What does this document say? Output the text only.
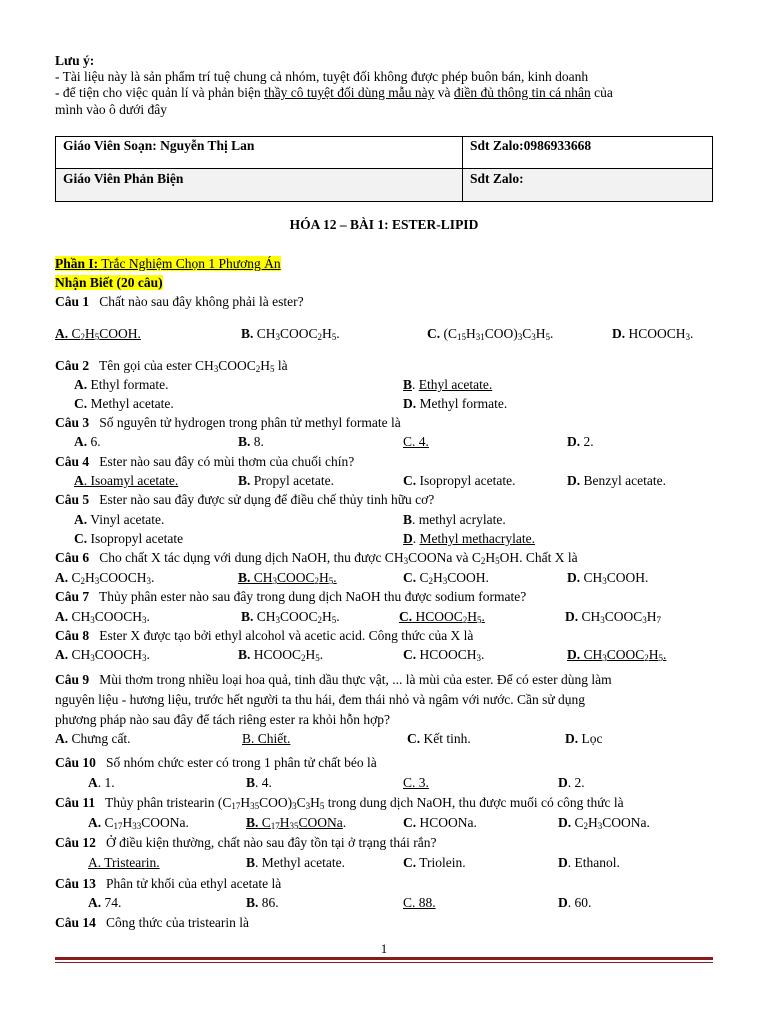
Lưu ý:
- Tài liệu này là sản phẩm trí tuệ chung cả nhóm, tuyệt đối không được phép buôn bán, kinh doanh
- để tiện cho việc quản lí và phản biện thầy cô tuyệt đối dùng mẫu này và điền đủ thông tin cá nhân của
mình vào ô dưới đây
Giáo Viên Soạn: Nguyễn Thị Lan	Sdt Zalo:0986933668
Giáo Viên Phản Biện	Sdt Zalo:
HÓA 12 – BÀI 1: ESTER-LIPID
Phần I: Trắc Nghiệm Chọn 1 Phương Án
Nhận Biết (20 câu)
Câu 1 Chất nào sau đây không phải là ester?
A. $C_2H_5COOH$.	B. $CH_3COOC_2H_5$.	C. $(C_{15}H_{31}COO)_3C_3H_5$.	D. $HCOOCH_3$.
Câu 2 Tên gọi của ester $CH_3COOC_2H_5$ là
A. Ethyl formate.	B. Ethyl acetate.
C. Methyl acetate.	D. Methyl formate.
Câu 3 Số nguyên tử hydrogen trong phân tử methyl formate là
A. 6.	B. 8.	C. 4.	D. 2.
Câu 4 Ester nào sau đây có mùi thơm của chuối chín?
A. Isoamyl acetate.	B. Propyl acetate.	C. Isopropyl acetate.	D. Benzyl acetate.
Câu 5 Ester nào sau đây được sử dụng để điều chế thủy tinh hữu cơ?
A. Vinyl acetate.	B. methyl acrylate.
C. Isopropyl acetate	D. Methyl methacrylate.
Câu 6 Cho chất X tác dụng với dung dịch NaOH, thu được $CH_3COONa$ và $C_2H_5OH$. Chất X là
A. $C_2H_3COOCH_3$.	B. $CH_3COOC_2H_5$.	C. $C_2H_3COOH$.	D. $CH_3COOH$.
Câu 7 Thủy phân ester nào sau đây trong dung dịch NaOH thu được sodium formate?
A. $CH_3COOCH_3$.	B. $CH_3COOC_2H_5$.	C. $HCOOC_2H_5$.	D. $CH_3COOC_3H_7$
Câu 8 Ester X được tạo bởi ethyl alcohol và acetic acid. Công thức của X là
A. $CH_3COOCH_3$.	B. $HCOOC_2H_5$.	C. $HCOOCH_3$.	D. $CH_3COOC_2H_5$.
Câu 9 Mùi thơm trong nhiều loại hoa quả, tinh dầu thực vật, ... là mùi của ester. Để có ester dùng làm
nguyên liệu - hương liệu, trước hết người ta thu hái, đem thái nhỏ và ngâm với nước. Cần sử dụng
phương pháp nào sau đây để tách riêng ester ra khỏi hỗn hợp?
A. Chưng cất.	B. Chiết.	C. Kết tinh.	D. Lọc
Câu 10 Số nhóm chức ester có trong 1 phân tử chất béo là
A. 1.	B. 4.	C. 3.	D. 2.
Câu 11 Thủy phân tristearin $(C_{17}H_{35}COO)_3C_3H_5$ trong dung dịch NaOH, thu được muối có công thức là
A. $C_{17}H_{33}COONa$.	B. $C_{17}H_{35}COONa$.	C. HCOONa.	D. $C_2H_3COONa$.
Câu 12 Ở điều kiện thường, chất nào sau đây tồn tại ở trạng thái rắn?
A. Tristearin.	B. Methyl acetate.	C. Triolein.	D. Ethanol.
Câu 13 Phân tử khối của ethyl acetate là
A. 74.	B. 86.	C. 88.	D. 60.
Câu 14 Công thức của tristearin là
1
